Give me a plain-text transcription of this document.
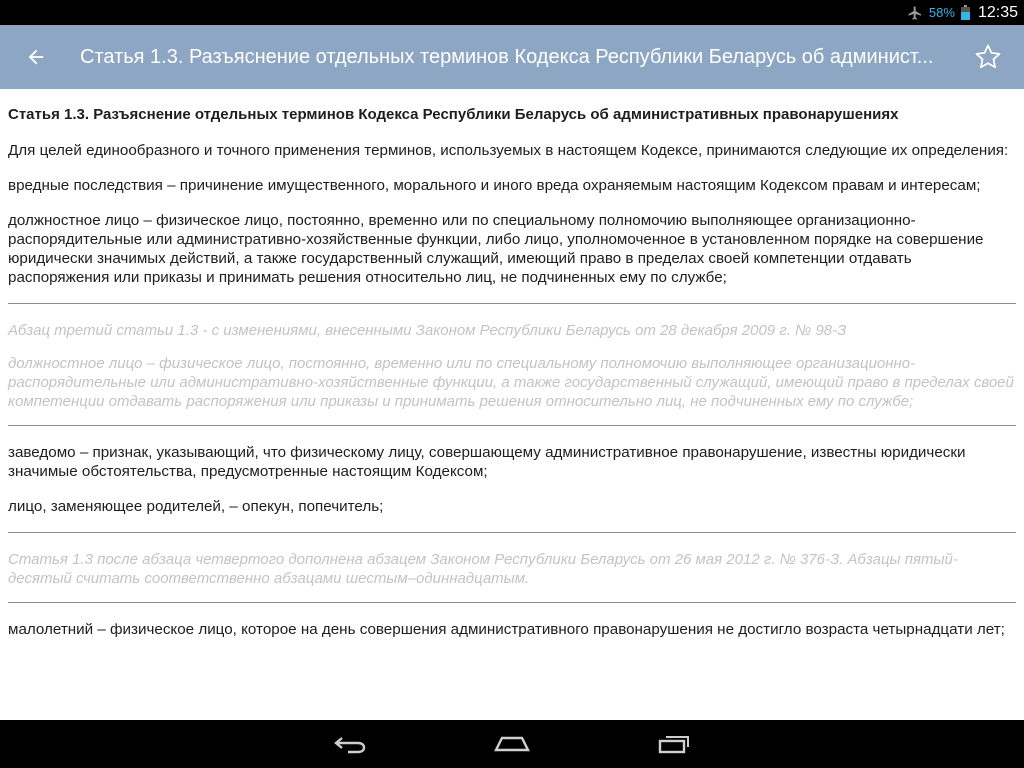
58% 12:35
Статья 1.3. Разъяснение отдельных терминов Кодекса Республики Беларусь об админист...
Статья 1.3. Разъяснение отдельных терминов Кодекса Республики Беларусь об административных правонарушениях

Для целей единообразного и точного применения терминов, используемых в настоящем Кодексе, принимаются следующие их определения:

вредные последствия – причинение имущественного, морального и иного вреда охраняемым настоящим Кодексом правам и интересам;

должностное лицо – физическое лицо, постоянно, временно или по специальному полномочию выполняющее организационно-распорядительные или административно-хозяйственные функции, либо лицо, уполномоченное в установленном порядке на совершение юридически значимых действий, а также государственный служащий, имеющий право в пределах своей компетенции отдавать распоряжения или приказы и принимать решения относительно лиц, не подчиненных ему по службе;

Абзац третий статьи 1.3 - с изменениями, внесенными Законом Республики Беларусь от 28 декабря 2009 г. № 98-З

должностное лицо – физическое лицо, постоянно, временно или по специальному полномочию выполняющее организационно-распорядительные или административно-хозяйственные функции, а также государственный служащий, имеющий право в пределах своей компетенции отдавать распоряжения или приказы и принимать решения относительно лиц, не подчиненных ему по службе;

заведомо – признак, указывающий, что физическому лицу, совершающему административное правонарушение, известны юридически значимые обстоятельства, предусмотренные настоящим Кодексом;

лицо, заменяющее родителей, – опекун, попечитель;

Статья 1.3 после абзаца четвертого дополнена абзацем Законом Республики Беларусь от 26 мая 2012 г. № 376-З. Абзацы пятый-десятый считать соответственно абзацами шестым–одиннадцатым.

малолетний – физическое лицо, которое на день совершения административного правонарушения не достигло возраста четырнадцати лет;
